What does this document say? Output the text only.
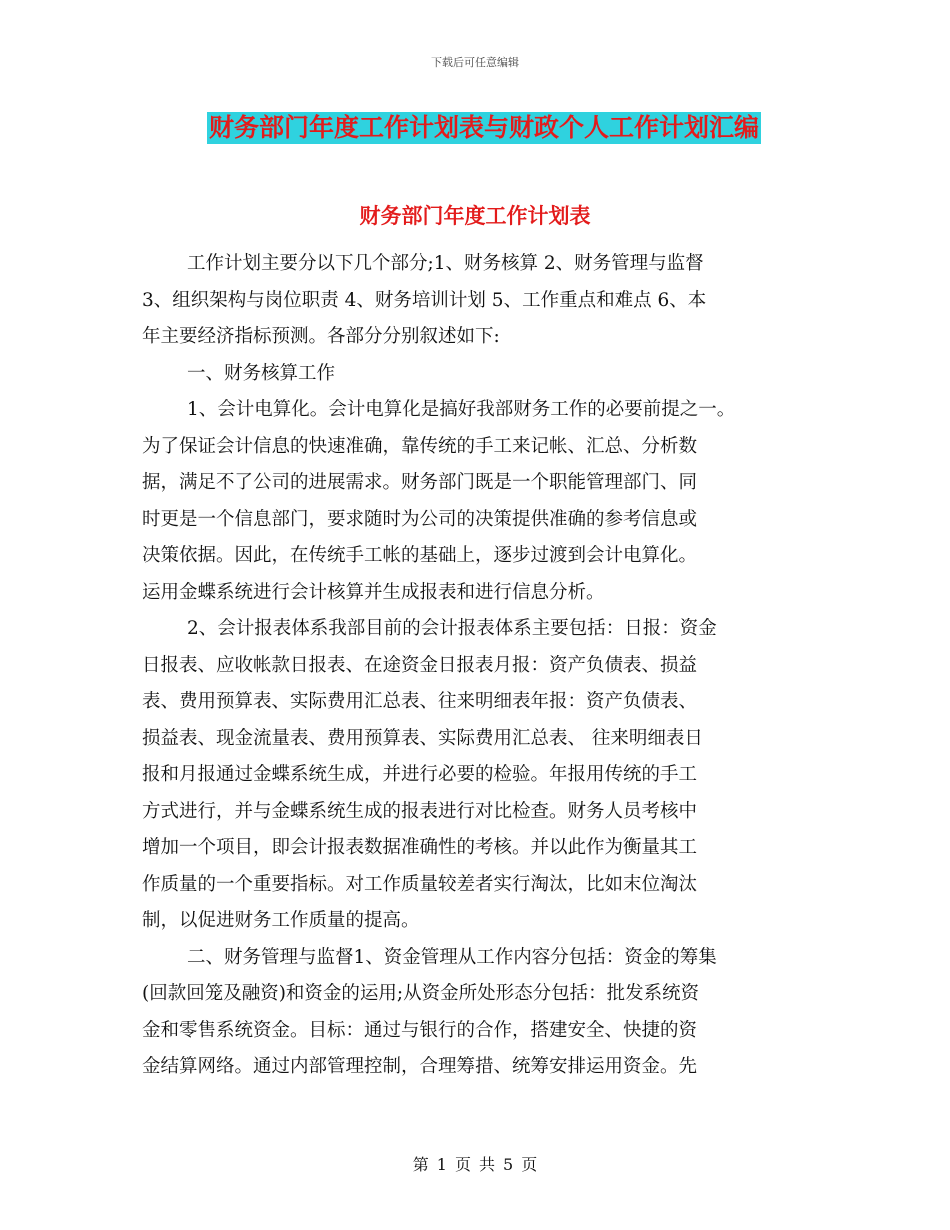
下载后可任意编辑
财务部门年度工作计划表与财政个人工作计划汇编
财务部门年度工作计划表
工作计划主要分以下几个部分;1、财务核算 2、财务管理与监督
3、组织架构与岗位职责 4、财务培训计划 5、工作重点和难点 6、本
年主要经济指标预测。各部分分别叙述如下:
一、财务核算工作
1、会计电算化。会计电算化是搞好我部财务工作的必要前提之一。
为了保证会计信息的快速准确，靠传统的手工来记帐、汇总、分析数
据，满足不了公司的进展需求。财务部门既是一个职能管理部门、同
时更是一个信息部门，要求随时为公司的决策提供准确的参考信息或
决策依据。因此，在传统手工帐的基础上，逐步过渡到会计电算化。
运用金蝶系统进行会计核算并生成报表和进行信息分析。
2、会计报表体系我部目前的会计报表体系主要包括：日报：资金
日报表、应收帐款日报表、在途资金日报表月报：资产负债表、损益
表、费用预算表、实际费用汇总表、往来明细表年报：资产负债表、
损益表、现金流量表、费用预算表、实际费用汇总表、 往来明细表日
报和月报通过金蝶系统生成，并进行必要的检验。年报用传统的手工
方式进行，并与金蝶系统生成的报表进行对比检查。财务人员考核中
增加一个项目，即会计报表数据准确性的考核。并以此作为衡量其工
作质量的一个重要指标。对工作质量较差者实行淘汰，比如末位淘汰
制，以促进财务工作质量的提高。
二、财务管理与监督1、资金管理从工作内容分包括：资金的筹集
(回款回笼及融资)和资金的运用;从资金所处形态分包括：批发系统资
金和零售系统资金。目标：通过与银行的合作，搭建安全、快捷的资
金结算网络。通过内部管理控制，合理筹措、统筹安排运用资金。先
第 1 页 共 5 页
